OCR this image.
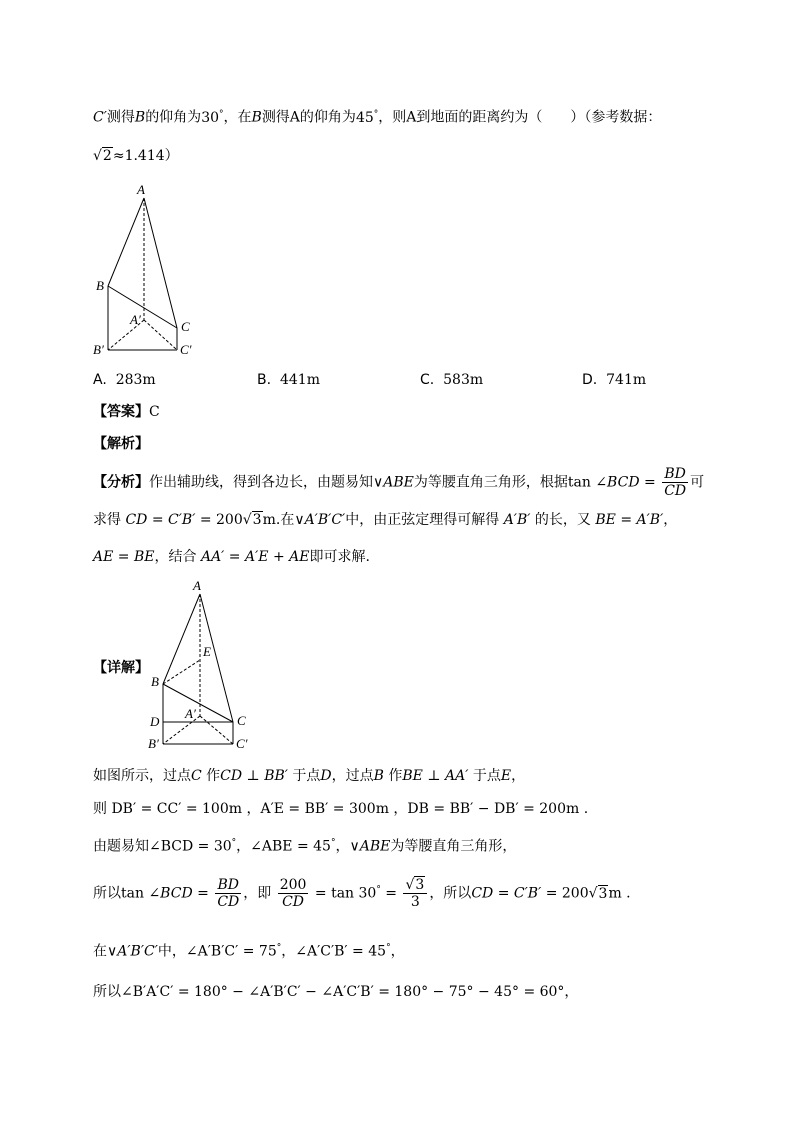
C′测得B的仰角为30°，在B测得A的仰角为45°，则A到地面的距离约为（　　）（参考数据：
√2≈1.414）
A
B
C
A′
B′	C′
A. 283m	B. 441m	C. 583m	D. 741m
【答案】C
【解析】
【分析】作出辅助线，得到各边长，由题易知∨ABE为等腰直角三角形，根据tan ∠BCD = $\frac{BD}{CD}$ 可
求得 CD = C′B′ = 200√3m.在∨A′B′C′中，由正弦定理得可解得 A′B′ 的长，又 BE = A′B′，
AE = BE，结合 AA′ = A′E + AE即可求解.
【详解】
A
E
B
C
D
A′
B′	C′
如图所示，过点C 作CD ⊥ BB′ 于点D，过点B 作BE ⊥ AA′ 于点E，
则 DB′ = CC′ = 100m ，A′E = BB′ = 300m ，DB = BB′ − DB′ = 200m .
由题易知∠BCD = 30°，∠ABE = 45°，∨ABE为等腰直角三角形，
所以tan ∠BCD = $\frac{BD}{CD}$ ，即 $\frac{200}{CD} = \tan 30^\circ = \frac{√3}{3}$ ，所以CD = C′B′ = 200√3m .
在∨A′B′C′中，∠A′B′C′ = 75°，∠A′C′B′ = 45°，
所以∠B′A′C′ = 180° − ∠A′B′C′ − ∠A′C′B′ = 180° − 75° − 45° = 60°，
